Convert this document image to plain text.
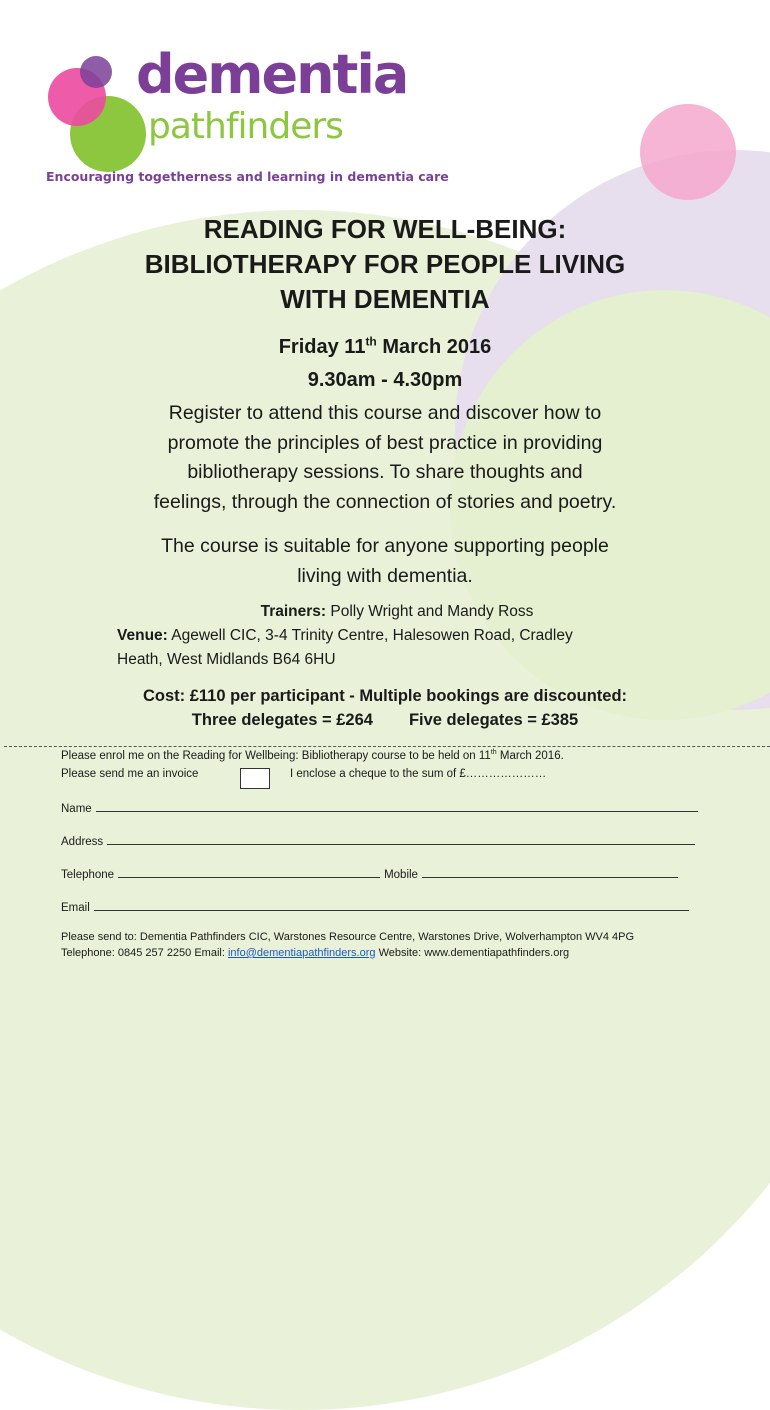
dementia
pathfinders
Encouraging togetherness and learning in dementia care
READING FOR WELL-BEING:
BIBLIOTHERAPY FOR PEOPLE LIVING
WITH DEMENTIA
Friday 11th March 2016
9.30am - 4.30pm
Register to attend this course and discover how to
promote the principles of best practice in providing
bibliotherapy sessions. To share thoughts and
feelings, through the connection of stories and poetry.
The course is suitable for anyone supporting people
living with dementia.
Trainers: Polly Wright and Mandy Ross
Venue: Agewell CIC, 3-4 Trinity Centre, Halesowen Road, Cradley
Heath, West Midlands B64 6HU
Cost: £110 per participant - Multiple bookings are discounted:
Three delegates = £264 Five delegates = £385
Please enrol me on the Reading for Wellbeing: Bibliotherapy course to be held on 11th March 2016.
Please send me an invoice	I enclose a cheque to the sum of £…………………
Name
Address
Telephone	Mobile
Email
Please send to: Dementia Pathfinders CIC, Warstones Resource Centre, Warstones Drive, Wolverhampton WV4 4PG
Telephone: 0845 257 2250 Email: info@dementiapathfinders.org Website: www.dementiapathfinders.org
